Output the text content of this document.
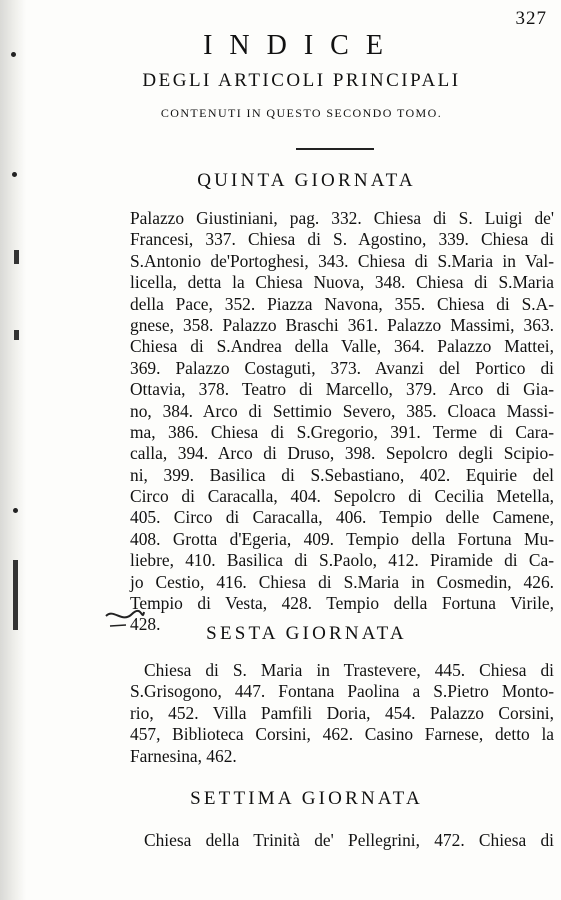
327
INDICE
DEGLI ARTICOLI PRINCIPALI
CONTENUTI IN QUESTO SECONDO TOMO.
QUINTA GIORNATA
Palazzo Giustiniani, pag. 332. Chiesa di S. Luigi de'
Francesi, 337. Chiesa di S. Agostino, 339. Chiesa di
S.Antonio de'Portoghesi, 343. Chiesa di S.Maria in Val-
licella, detta la Chiesa Nuova, 348. Chiesa di S.Maria
della Pace, 352. Piazza Navona, 355. Chiesa di S.A-
gnese, 358. Palazzo Braschi 361. Palazzo Massimi, 363.
Chiesa di S.Andrea della Valle, 364. Palazzo Mattei,
369. Palazzo Costaguti, 373. Avanzi del Portico di
Ottavia, 378. Teatro di Marcello, 379. Arco di Gia-
no, 384. Arco di Settimio Severo, 385. Cloaca Massi-
ma, 386. Chiesa di S.Gregorio, 391. Terme di Cara-
calla, 394. Arco di Druso, 398. Sepolcro degli Scipio-
ni, 399. Basilica di S.Sebastiano, 402. Equirie del
Circo di Caracalla, 404. Sepolcro di Cecilia Metella,
405. Circo di Caracalla, 406. Tempio delle Camene,
408. Grotta d'Egeria, 409. Tempio della Fortuna Mu-
liebre, 410. Basilica di S.Paolo, 412. Piramide di Ca-
jo Cestio, 416. Chiesa di S.Maria in Cosmedin, 426.
Tempio di Vesta, 428. Tempio della Fortuna Virile,
428.	SESTA GIORNATA
Chiesa di S. Maria in Trastevere, 445. Chiesa di
S.Grisogono, 447. Fontana Paolina a S.Pietro Monto-
rio, 452. Villa Pamfili Doria, 454. Palazzo Corsini,
457, Biblioteca Corsini, 462. Casino Farnese, detto la
Farnesina, 462.
SETTIMA GIORNATA
Chiesa della Trinità de' Pellegrini, 472. Chiesa di
